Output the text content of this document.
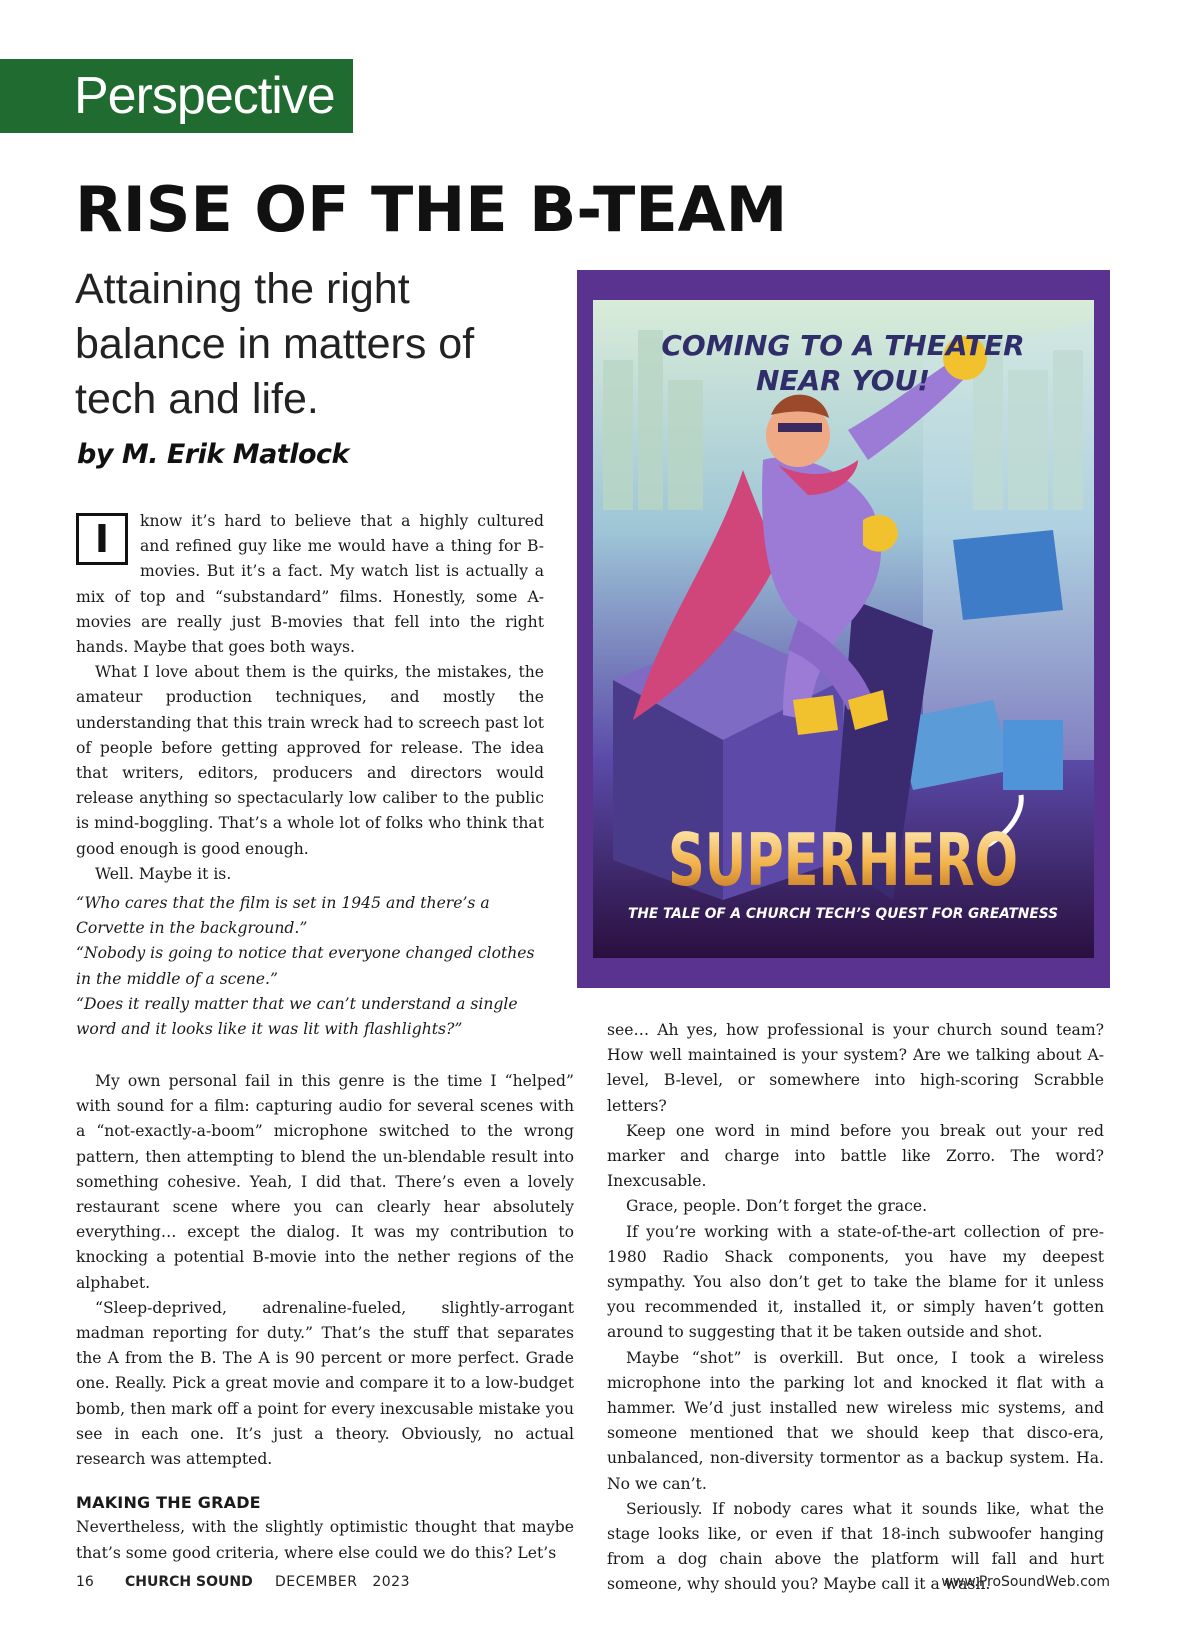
Perspective
RISE OF THE B-TEAM
Attaining the right balance in matters of tech and life.

by M. Erik Matlock

I	know it’s hard to believe that a highly cultured and refined guy like me would have a thing for B-movies. But it’s a fact. My watch list is actually a mix of top and “substandard” films. Honestly, some A-movies are really just B-movies that fell into the right hands. Maybe that goes both ways.

What I love about them is the quirks, the mistakes, the amateur production techniques, and mostly the understanding that this train wreck had to screech past lot of people before getting approved for release. The idea that writers, editors, producers and directors would release anything so spectacularly low caliber to the public is mind-boggling. That’s a whole lot of folks who think that good enough is good enough.

Well. Maybe it is.

“Who cares that the film is set in 1945 and there’s a Corvette in the background.”

“Nobody is going to notice that everyone changed clothes in the middle of a scene.”

“Does it really matter that we can’t understand a single word and it looks like it was lit with flashlights?”

My own personal fail in this genre is the time I “helped” with sound for a film: capturing audio for several scenes with a “not-exactly-a-boom” microphone switched to the wrong pattern, then attempting to blend the un-blendable result into something cohesive. Yeah, I did that. There’s even a lovely restaurant scene where you can clearly hear absolutely everything… except the dialog. It was my contribution to knocking a potential B-movie into the nether regions of the alphabet.

“Sleep-deprived, adrenaline-fueled, slightly-arrogant madman reporting for duty.” That’s the stuff that separates the A from the B. The A is 90 percent or more perfect. Grade one. Really. Pick a great movie and compare it to a low-budget bomb, then mark off a point for every inexcusable mistake you see in each one. It’s just a theory. Obviously, no actual research was attempted.

MAKING THE GRADE

Nevertheless, with the slightly optimistic thought that maybe that’s some good criteria, where else could we do this? Let’s

see… Ah yes, how professional is your church sound team? How well maintained is your system? Are we talking about A-level, B-level, or somewhere into high-scoring Scrabble letters?

Keep one word in mind before you break out your red marker and charge into battle like Zorro. The word? Inexcusable.

Grace, people. Don’t forget the grace.

If you’re working with a state-of-the-art collection of pre-1980 Radio Shack components, you have my deepest sympathy. You also don’t get to take the blame for it unless you recommended it, installed it, or simply haven’t gotten around to suggesting that it be taken outside and shot.

Maybe “shot” is overkill. But once, I took a wireless microphone into the parking lot and knocked it flat with a hammer. We’d just installed new wireless mic systems, and someone mentioned that we should keep that disco-era, unbalanced, non-diversity tormentor as a backup system. Ha. No we can’t.

Seriously. If nobody cares what it sounds like, what the stage looks like, or even if that 18-inch subwoofer hanging from a dog chain above the platform will fall and hurt someone, why should you? Maybe call it a wash.

COMING TO A THEATER
NEAR YOU!
SUPERHERO
THE TALE OF A CHURCH TECH’S QUEST FOR GREATNESS
16 CHURCH SOUND DECEMBER   2023	www.ProSoundWeb.com
